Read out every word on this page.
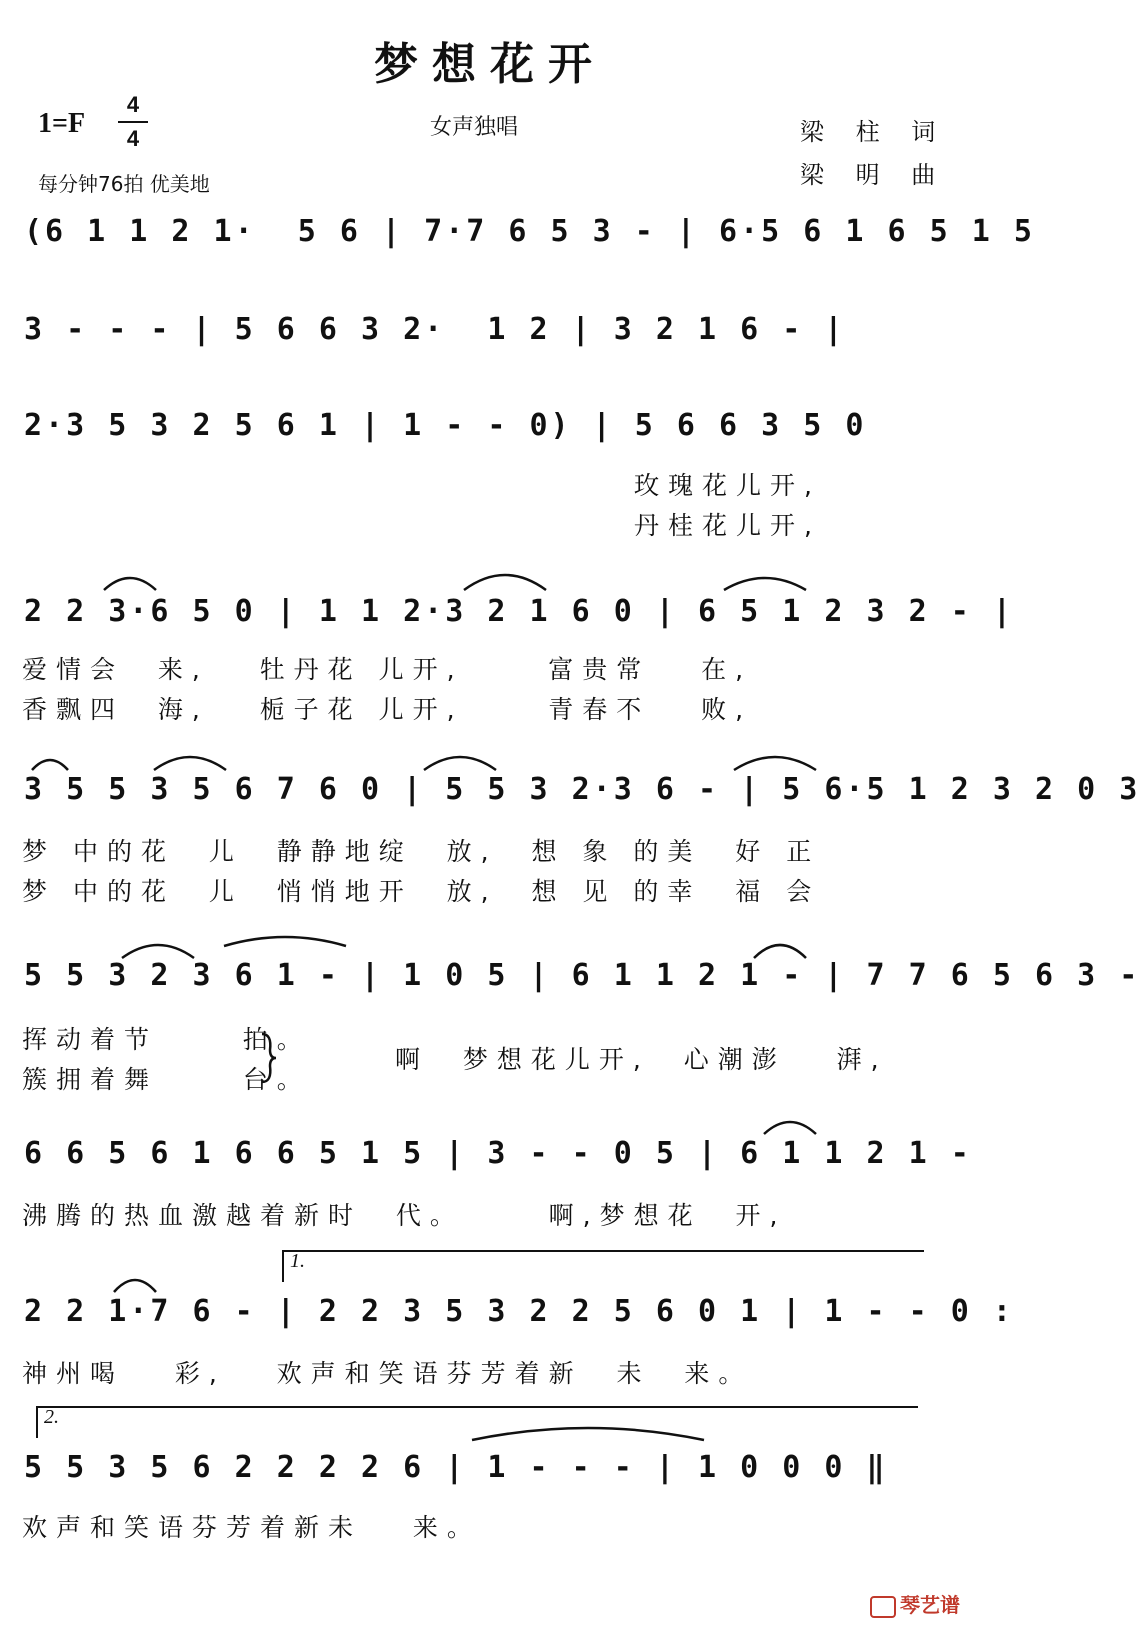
梦想花开
1=F
4
4	女声独唱	梁 柱 词
梁 明 曲
每分钟76拍 优美地
(6 1 1 2 1·  5 6 | 7·7 6 5 3 - | 6·5 6 1 6 5 1 5
3 - - - | 5 6 6 3 2·  1 2 | 3 2 1 6 - |
2·3 5 3 2 5 6 1 | 1 - - 0) | 5 6 6 3 5 0
玫瑰花儿开,
丹桂花儿开,
2 2 3·6 5 0 | 1 1 2·3 2 1 6 0 | 6 5 1 2 3 2 - |
爱情会  来,   牡丹花 儿开,     富贵常   在,
香飘四  海,   栀子花 儿开,     青春不   败,
3 5 5 3 5 6 7 6 0 | 5 5 3 2·3 6 - | 5 6·5 1 2 3 2 0 3
梦 中的花  儿  静静地绽  放,  想 象 的美  好 正
梦 中的花  儿  悄悄地开  放,  想 见 的幸  福 会
5 5 3 2 3 6 1 - | 1 0 5 | 6 1 1 2 1 - | 7 7 6 5 6 3 -
挥动着节     拍。
簇拥着舞     台。
啊  梦想花儿开,  心潮澎   湃,
6 6 5 6 1 6 6 5 1 5 | 3 - - 0 5 | 6 1 1 2 1 -
沸腾的热血激越着新时  代。     啊,梦想花  开,
1.
2 2 1·7 6 - | 2 2 3 5 3 2 2 5 6 0 1 | 1 - - 0 :
神州喝   彩,   欢声和笑语芬芳着新  未  来。
2.
5 5 3 5 6 2 2 2 2 6 | 1 - - - | 1 0 0 0 ‖
欢声和笑语芬芳着新未   来。
琴艺谱
